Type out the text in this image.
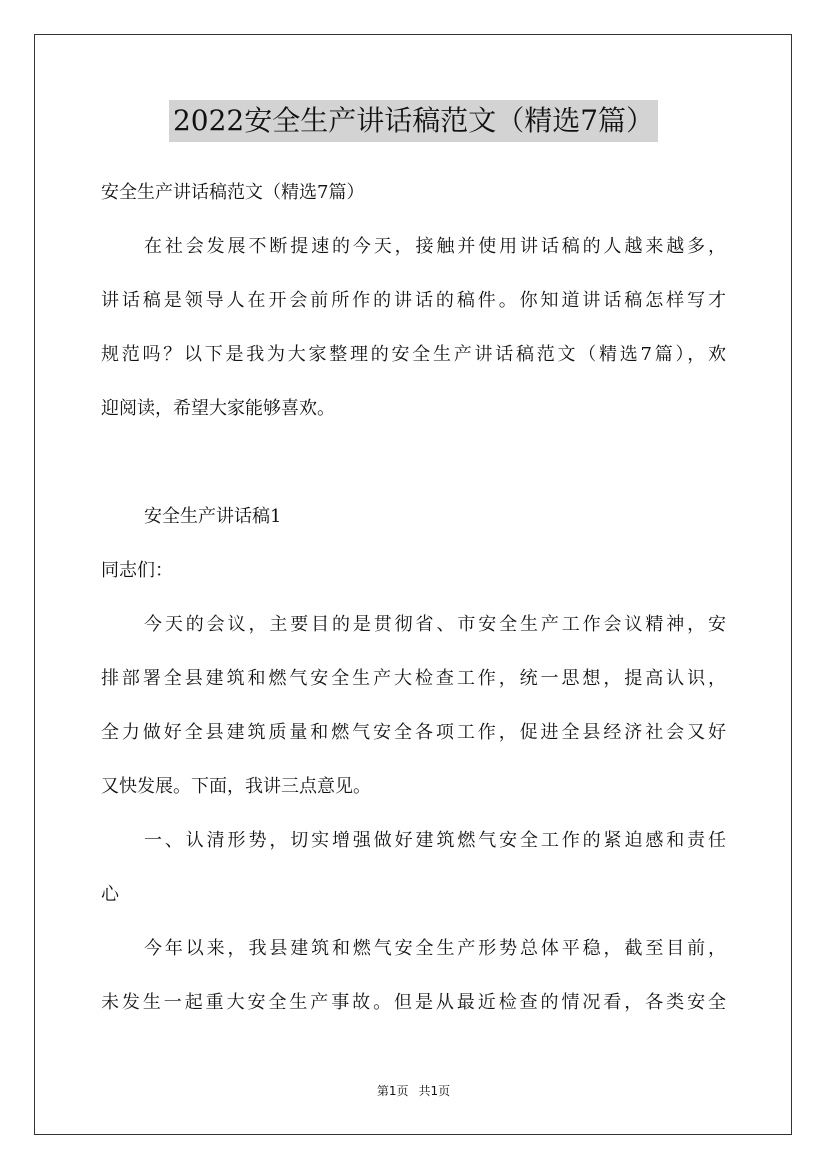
2022安全生产讲话稿范文（精选7篇）
安全生产讲话稿范文（精选7篇）
在社会发展不断提速的今天，接触并使用讲话稿的人越来越多，
讲话稿是领导人在开会前所作的讲话的稿件。你知道讲话稿怎样写才
规范吗？以下是我为大家整理的安全生产讲话稿范文（精选7篇），欢
迎阅读，希望大家能够喜欢。
安全生产讲话稿1
同志们：
今天的会议，主要目的是贯彻省、市安全生产工作会议精神，安
排部署全县建筑和燃气安全生产大检查工作，统一思想，提高认识，
全力做好全县建筑质量和燃气安全各项工作，促进全县经济社会又好
又快发展。下面，我讲三点意见。
一、认清形势，切实增强做好建筑燃气安全工作的紧迫感和责任
心
今年以来，我县建筑和燃气安全生产形势总体平稳，截至目前，
未发生一起重大安全生产事故。但是从最近检查的情况看，各类安全
第1页 共1页
